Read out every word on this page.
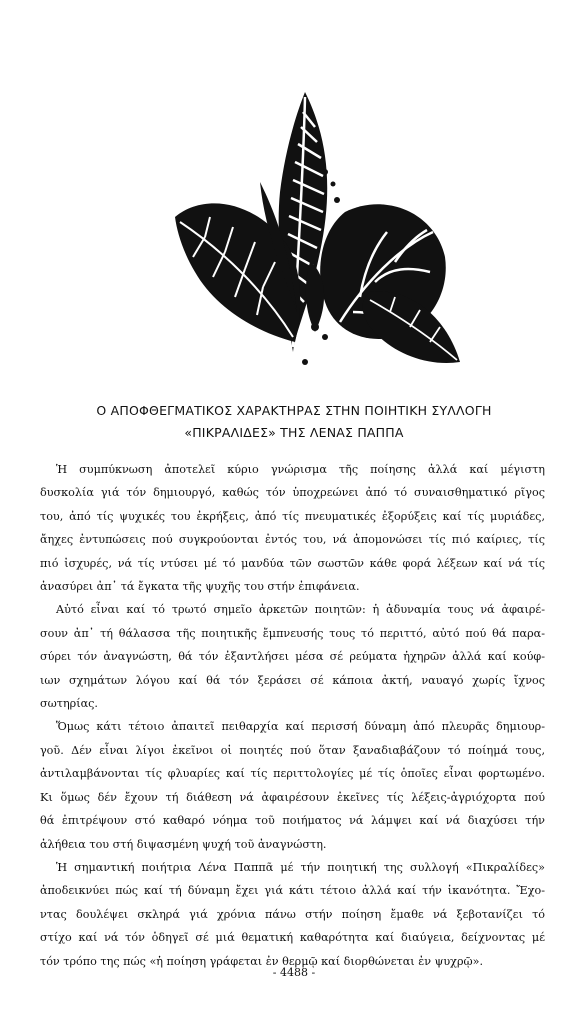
Ο ΑΠΟΦΘΕΓΜΑΤΙΚΟΣ ΧΑΡΑΚΤΗΡΑΣ ΣΤΗΝ ΠΟΙΗΤΙΚΗ ΣΥΛΛΟΓΗ
«ΠΙΚΡΑΛΙΔΕΣ» ΤΗΣ ΛΕΝΑΣ ΠΑΠΠΑ
Ἡ συμπύκνωση ἀποτελεῖ κύριο γνώρισμα τῆς ποίησης ἀλλά καί μέγιστη
δυσκολία γιά τόν δημιουργό, καθώς τόν ὑποχρεώνει ἀπό τό συναισθηματικό ρῖγος
του, ἀπό τίς ψυχικές του ἐκρήξεις, ἀπό τίς πνευματικές ἐξορύξεις καί τίς μυριάδες,
ἄηχες ἐντυπώσεις πού συγκρούονται ἐντός του, νά ἀπομονώσει τίς πιό καίριες, τίς
πιό ἰσχυρές, νά τίς ντύσει μέ τό μανδύα τῶν σωστῶν κάθε φορά λέξεων καί νά τίς
ἀνασύρει ἀπ᾽ τά ἔγκατα τῆς ψυχῆς του στήν ἐπιφάνεια.
Αὐτό εἶναι καί τό τρωτό σημεῖο ἀρκετῶν ποιητῶν: ἡ ἀδυναμία τους νά ἀφαιρέ-
σουν ἀπ᾽ τή θάλασσα τῆς ποιητικῆς ἔμπνευσής τους τό περιττό, αὐτό πού θά παρα-
σύρει τόν ἀναγνώστη, θά τόν ἐξαντλήσει μέσα σέ ρεύματα ἠχηρῶν ἀλλά καί κούφ-
ιων σχημάτων λόγου καί θά τόν ξεράσει σέ κάποια ἀκτή, ναυαγό χωρίς ἴχνος
σωτηρίας.
Ὅμως κάτι τέτοιο ἀπαιτεῖ πειθαρχία καί περισσή δύναμη ἀπό πλευρᾶς δημιουρ-
γοῦ. Δέν εἶναι λίγοι ἐκεῖνοι οἱ ποιητές πού ὅταν ξαναδιαβάζουν τό ποίημά τους,
ἀντιλαμβάνονται τίς φλυαρίες καί τίς περιττολογίες μέ τίς ὁποῖες εἶναι φορτωμένο.
Κι ὅμως δέν ἔχουν τή διάθεση νά ἀφαιρέσουν ἐκεῖνες τίς λέξεις-ἀγριόχορτα πού
θά ἐπιτρέψουν στό καθαρό νόημα τοῦ ποιήματος νά λάμψει καί νά διαχύσει τήν
ἀλήθεια του στή διψασμένη ψυχή τοῦ ἀναγνώστη.
Ἡ σημαντική ποιήτρια Λένα Παππᾶ μέ τήν ποιητική της συλλογή «Πικραλίδες»
ἀποδεικνύει πώς καί τή δύναμη ἔχει γιά κάτι τέτοιο ἀλλά καί τήν ἱκανότητα. Ἔχο-
ντας δουλέψει σκληρά γιά χρόνια πάνω στήν ποίηση ἔμαθε νά ξεβοτανίζει τό
στίχο καί νά τόν ὁδηγεῖ σέ μιά θεματική καθαρότητα καί διαύγεια, δείχνοντας μέ
τόν τρόπο της πώς «ἡ ποίηση γράφεται ἐν θερμῷ καί διορθώνεται ἐν ψυχρῷ».
- 4488 -
